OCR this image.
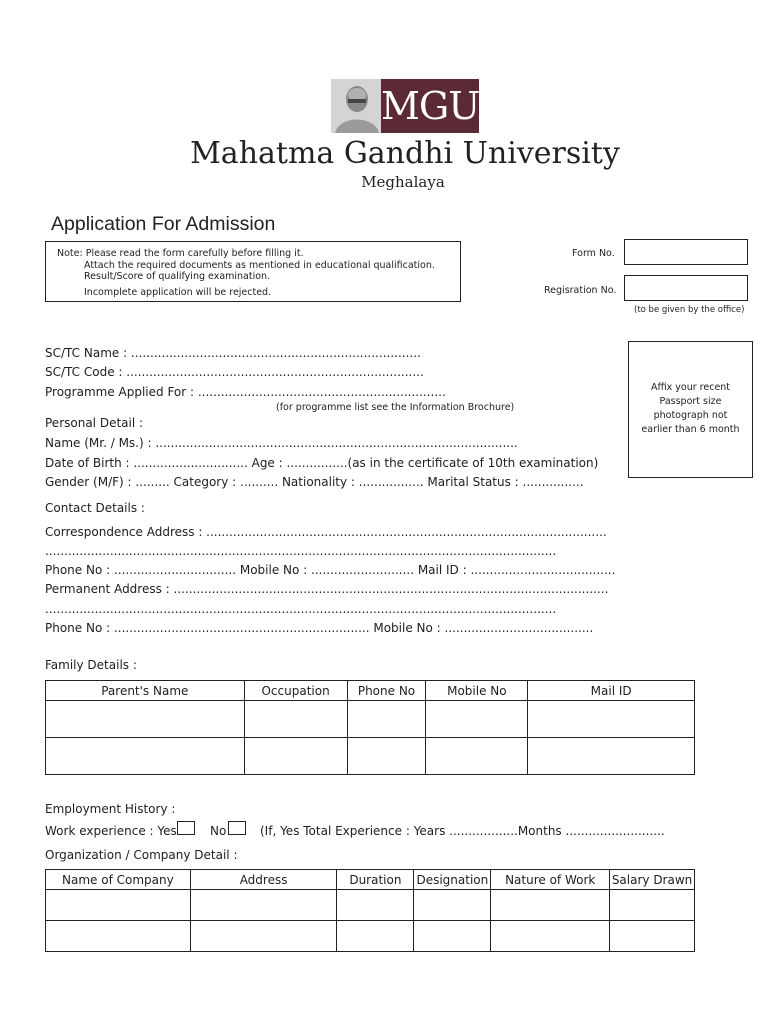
MGU
Mahatma Gandhi University
Meghalaya
Application For Admission
Note: Please read the form carefully before filling it.
Attach the required documents as mentioned in educational qualification.
Result/Score of qualifying examination.
Incomplete application will be rejected.
Form No.
Regisration No.
(to be given by the office)
Affix your recent
Passport size
photograph not
earlier than 6 month
SC/TC Name : ............................................................................
SC/TC Code : ..............................................................................
Programme Applied For : .................................................................
(for programme list see the Information Brochure)
Personal Detail :
Name (Mr. / Ms.) : ...............................................................................................
Date of Birth : .............................. Age : ................(as in the certificate of 10th examination)
Gender (M/F) : ......... Category : .......... Nationality : ................. Marital Status : ................
Contact Details :
Correspondence Address : .........................................................................................................
......................................................................................................................................
Phone No : ................................ Mobile No : ........................... Mail ID : ......................................
Permanent Address : ..................................................................................................................
......................................................................................................................................
Phone No : ................................................................... Mobile No : .......................................
Family Details :
Parent's Name	Occupation	Phone No	Mobile No	Mail ID

Employment History :
Work experience : Yes	No	(If, Yes Total Experience : Years ..................Months ..........................
Organization / Company Detail :
Name of Company	Address	Duration	Designation	Nature of Work	Salary Drawn
